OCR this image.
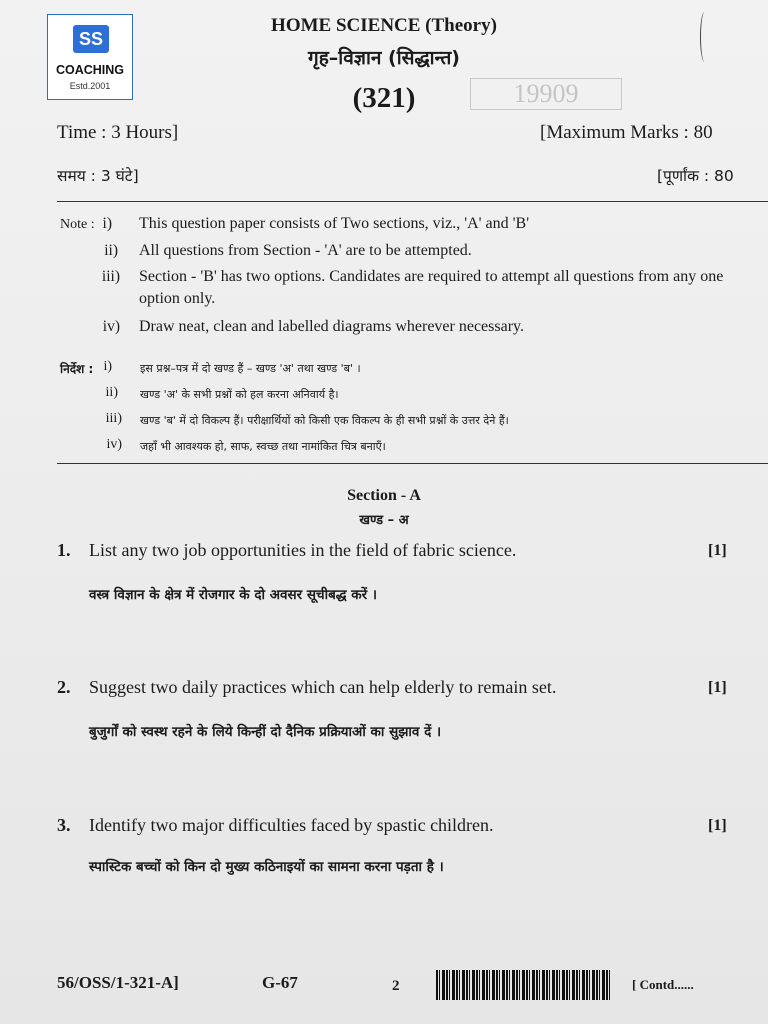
19909
SS
COACHING
Estd.2001
HOME SCIENCE (Theory)
गृह–विज्ञान (सिद्धान्त)
(321)
Time : 3 Hours]	[Maximum Marks : 80
समय : 3 घंटे]	[पूर्णांक : 80
Note : i) This question paper consists of Two sections, viz., 'A' and 'B'
ii) All questions from Section - 'A' are to be attempted.
iii) Section - 'B' has two options. Candidates are required to attempt all questions from any one option only.
iv) Draw neat, clean and labelled diagrams wherever necessary.
निर्देश : i)	इस प्रश्न–पत्र में दो खण्ड हैं – खण्ड 'अ' तथा खण्ड 'ब' ।
ii) खण्ड 'अ' के सभी प्रश्नों को हल करना अनिवार्य है।
iii) खण्ड 'ब' में दो विकल्प हैं। परीक्षार्थियों को किसी एक विकल्प के ही सभी प्रश्नों के उत्तर देने हैं।
iv) जहाँ भी आवश्यक हो, साफ, स्वच्छ तथा नामांकित चित्र बनाएँ।
Section - A
खण्ड – अ
1. List any two job opportunities in the field of fabric science.	[1]
वस्त्र विज्ञान के क्षेत्र में रोजगार के दो अवसर सूचीबद्ध करें ।
2. Suggest two daily practices which can help elderly to remain set.	[1]
बुजुर्गों को स्वस्थ रहने के लिये किन्हीं दो दैनिक प्रक्रियाओं का सुझाव दें ।
3. Identify two major difficulties faced by spastic children.	[1]
स्पास्टिक बच्चों को किन दो मुख्य कठिनाइयों का सामना करना पड़ता है ।
56/OSS/1-321-A]	G-67	2	[ Contd......
